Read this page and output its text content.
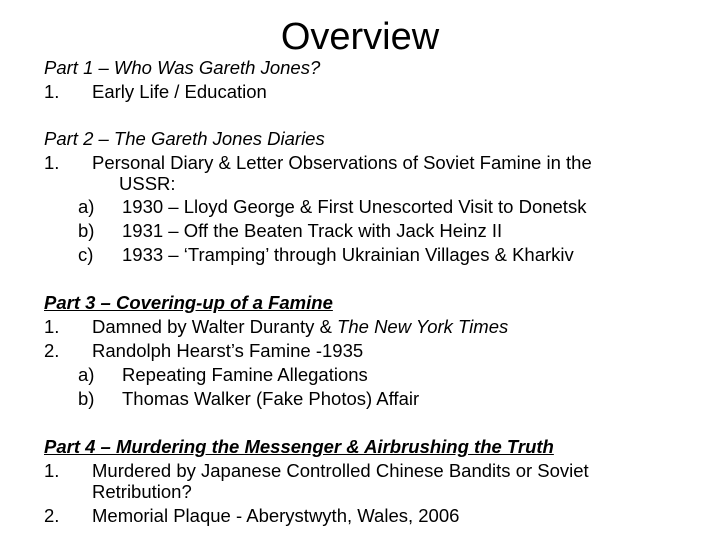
Overview
Part 1 – Who Was Gareth Jones?
1. Early Life / Education
Part 2 – The Gareth Jones Diaries
1. Personal Diary & Letter Observations of Soviet Famine in the
USSR:
a) 1930 – Lloyd George & First Unescorted Visit to Donetsk
b) 1931 – Off the Beaten Track with Jack Heinz II
c) 1933 – ‘Tramping’ through Ukrainian Villages & Kharkiv
Part 3 – Covering-up of a Famine
1. Damned by Walter Duranty & The New York Times
2. Randolph Hearst’s Famine -1935
a) Repeating Famine Allegations
b) Thomas Walker (Fake Photos) Affair
Part 4 – Murdering the Messenger & Airbrushing the Truth
1. Murdered by Japanese Controlled Chinese Bandits or Soviet
Retribution?
2. Memorial Plaque - Aberystwyth, Wales, 2006
